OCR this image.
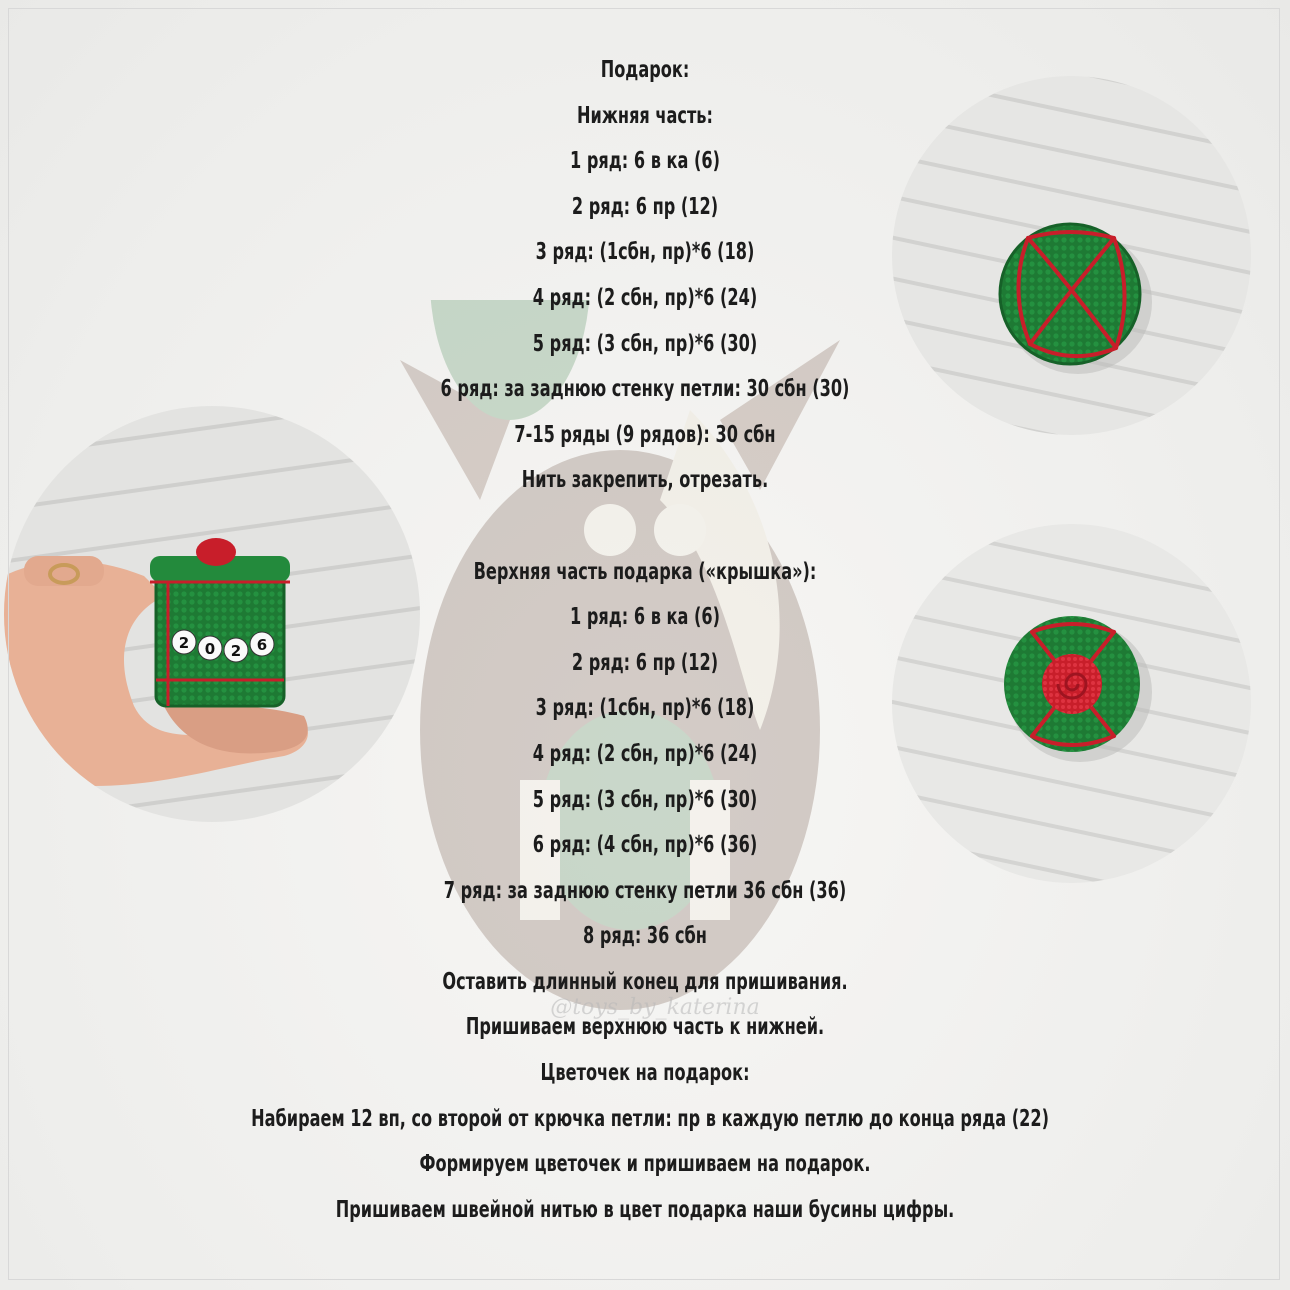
@toys_by_katerina
2 0 2 6
Подарок:
Нижняя часть:
1 ряд: 6 в ка (6)
2 ряд: 6 пр (12)
3 ряд: (1сбн, пр)*6 (18)
4 ряд: (2 сбн, пр)*6 (24)
5 ряд: (3 сбн, пр)*6 (30)
6 ряд: за заднюю стенку петли: 30 сбн (30)
7-15 ряды (9 рядов): 30 сбн
Нить закрепить, отрезать.
Верхняя часть подарка («крышка»):
1 ряд: 6 в ка (6)
2 ряд: 6 пр (12)
3 ряд: (1сбн, пр)*6 (18)
4 ряд: (2 сбн, пр)*6 (24)
5 ряд: (3 сбн, пр)*6 (30)
6 ряд: (4 сбн, пр)*6 (36)
7 ряд: за заднюю стенку петли 36 сбн (36)
8 ряд: 36 сбн
Оставить длинный конец для пришивания.
Пришиваем верхнюю часть к нижней.
Цветочек на подарок:
Набираем 12 вп, со второй от крючка петли: пр в каждую петлю до конца ряда (22)
Формируем цветочек и пришиваем на подарок.
Пришиваем швейной нитью в цвет подарка наши бусины цифры.
